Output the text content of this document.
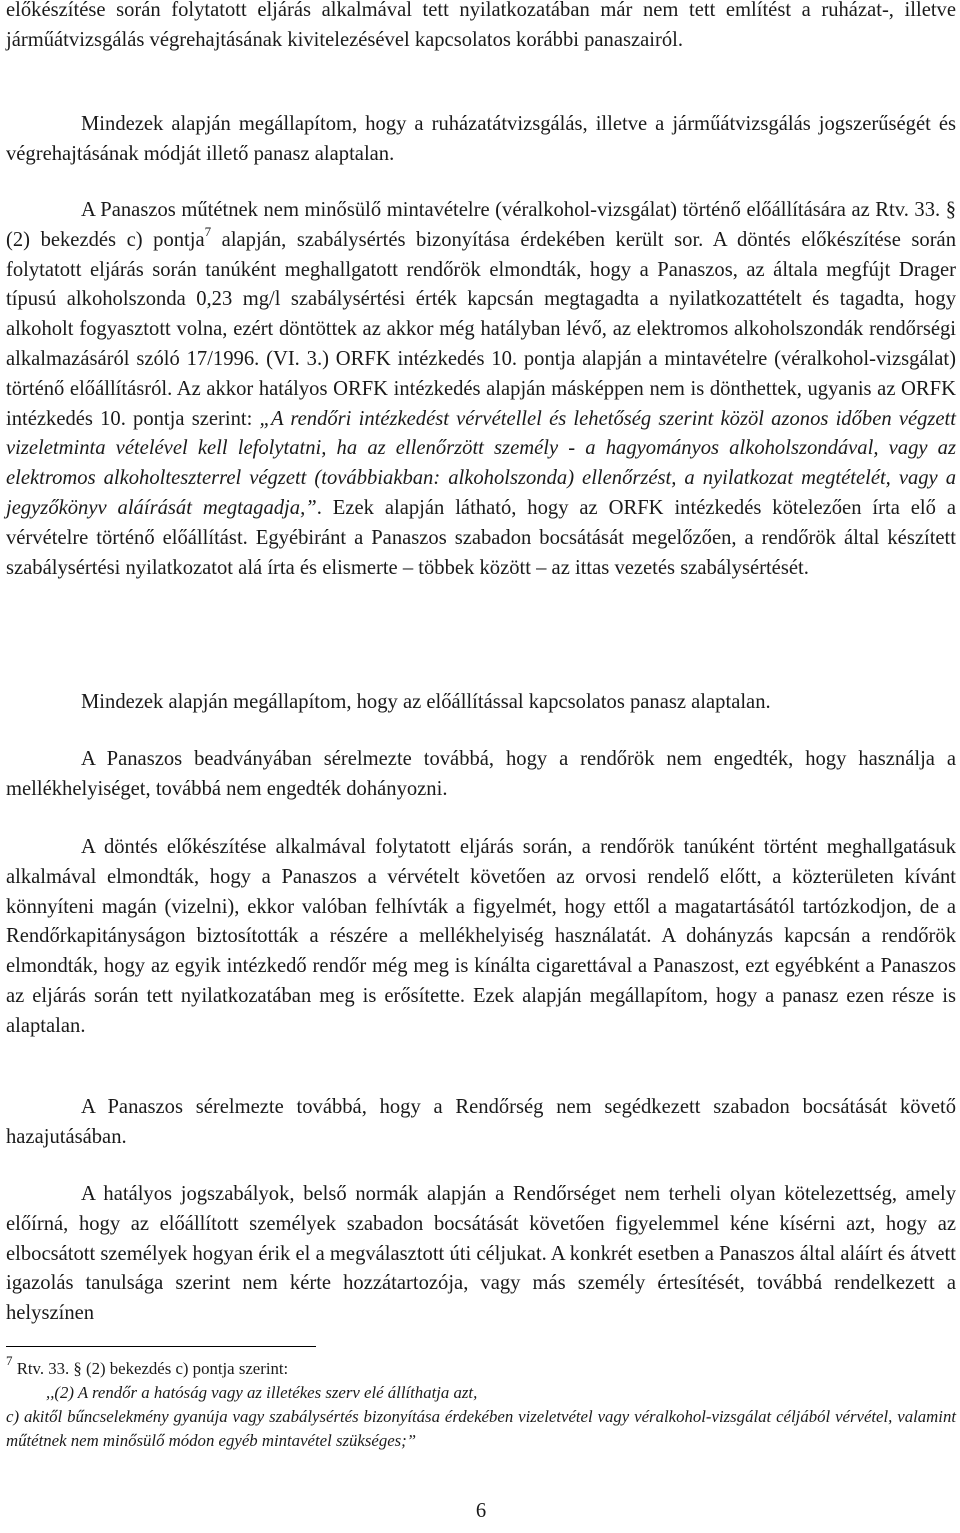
előkészítése során folytatott eljárás alkalmával tett nyilatkozatában már nem tett említést a ruházat-, illetve járműátvizsgálás végrehajtásának kivitelezésével kapcsolatos korábbi panaszairól.

Mindezek alapján megállapítom, hogy a ruházatátvizsgálás, illetve a járműátvizsgálás jogszerűségét és végrehajtásának módját illető panasz alaptalan.

A Panaszos műtétnek nem minősülő mintavételre (véralkohol-vizsgálat) történő előállítására az Rtv. 33. § (2) bekezdés c) pontja$^7$ alapján, szabálysértés bizonyítása érdekében került sor. A döntés előkészítése során folytatott eljárás során tanúként meghallgatott rendőrök elmondták, hogy a Panaszos, az általa megfújt Drager típusú alkoholszonda 0,23 mg/l szabálysértési érték kapcsán megtagadta a nyilatkozattételt és tagadta, hogy alkoholt fogyasztott volna, ezért döntöttek az akkor még hatályban lévő, az elektromos alkoholszondák rendőrségi alkalmazásáról szóló 17/1996. (VI. 3.) ORFK intézkedés 10. pontja alapján a mintavételre (véralkohol-vizsgálat) történő előállításról. Az akkor hatályos ORFK intézkedés alapján másképpen nem is dönthettek, ugyanis az ORFK intézkedés 10. pontja szerint: „A rendőri intézkedést vérvétellel és lehetőség szerint közöl azonos időben végzett vizeletminta vételével kell lefolytatni, ha az ellenőrzött személy - a hagyományos alkoholszondával, vagy az elektromos alkoholteszterrel végzett (továbbiakban: alkoholszonda) ellenőrzést, a nyilatkozat megtételét, vagy a jegyzőkönyv aláírását megtagadja,”. Ezek alapján látható, hogy az ORFK intézkedés kötelezően írta elő a vérvételre történő előállítást. Egyébiránt a Panaszos szabadon bocsátását megelőzően, a rendőrök által készített szabálysértési nyilatkozatot alá írta és elismerte – többek között – az ittas vezetés szabálysértését.

Mindezek alapján megállapítom, hogy az előállítással kapcsolatos panasz alaptalan.

A Panaszos beadványában sérelmezte továbbá, hogy a rendőrök nem engedték, hogy használja a mellékhelyiséget, továbbá nem engedték dohányozni.

A döntés előkészítése alkalmával folytatott eljárás során, a rendőrök tanúként történt meghallgatásuk alkalmával elmondták, hogy a Panaszos a vérvételt követően az orvosi rendelő előtt, a közterületen kívánt könnyíteni magán (vizelni), ekkor valóban felhívták a figyelmét, hogy ettől a magatartásától tartózkodjon, de a Rendőrkapitányságon biztosították a részére a mellékhelyiség használatát. A dohányzás kapcsán a rendőrök elmondták, hogy az egyik intézkedő rendőr még meg is kínálta cigarettával a Panaszost, ezt egyébként a Panaszos az eljárás során tett nyilatkozatában meg is erősítette. Ezek alapján megállapítom, hogy a panasz ezen része is alaptalan.

A Panaszos sérelmezte továbbá, hogy a Rendőrség nem segédkezett szabadon bocsátását követő hazajutásában.

A hatályos jogszabályok, belső normák alapján a Rendőrséget nem terheli olyan kötelezettség, amely előírná, hogy az előállított személyek szabadon bocsátását követően figyelemmel kéne kísérni azt, hogy az elbocsátott személyek hogyan érik el a megválasztott úti céljukat. A konkrét esetben a Panaszos által aláírt és átvett igazolás tanulsága szerint nem kérte hozzátartozója, vagy más személy értesítését, továbbá rendelkezett a helyszínen

$^7$ Rtv. 33. § (2) bekezdés c) pontja szerint:
,,(2) A rendőr a hatóság vagy az illetékes szerv elé állíthatja azt,
c) akitől bűncselekmény gyanúja vagy szabálysértés bizonyítása érdekében vizeletvétel vagy véralkohol-vizsgálat céljából vérvétel, valamint műtétnek nem minősülő módon egyéb mintavétel szükséges;”
6
